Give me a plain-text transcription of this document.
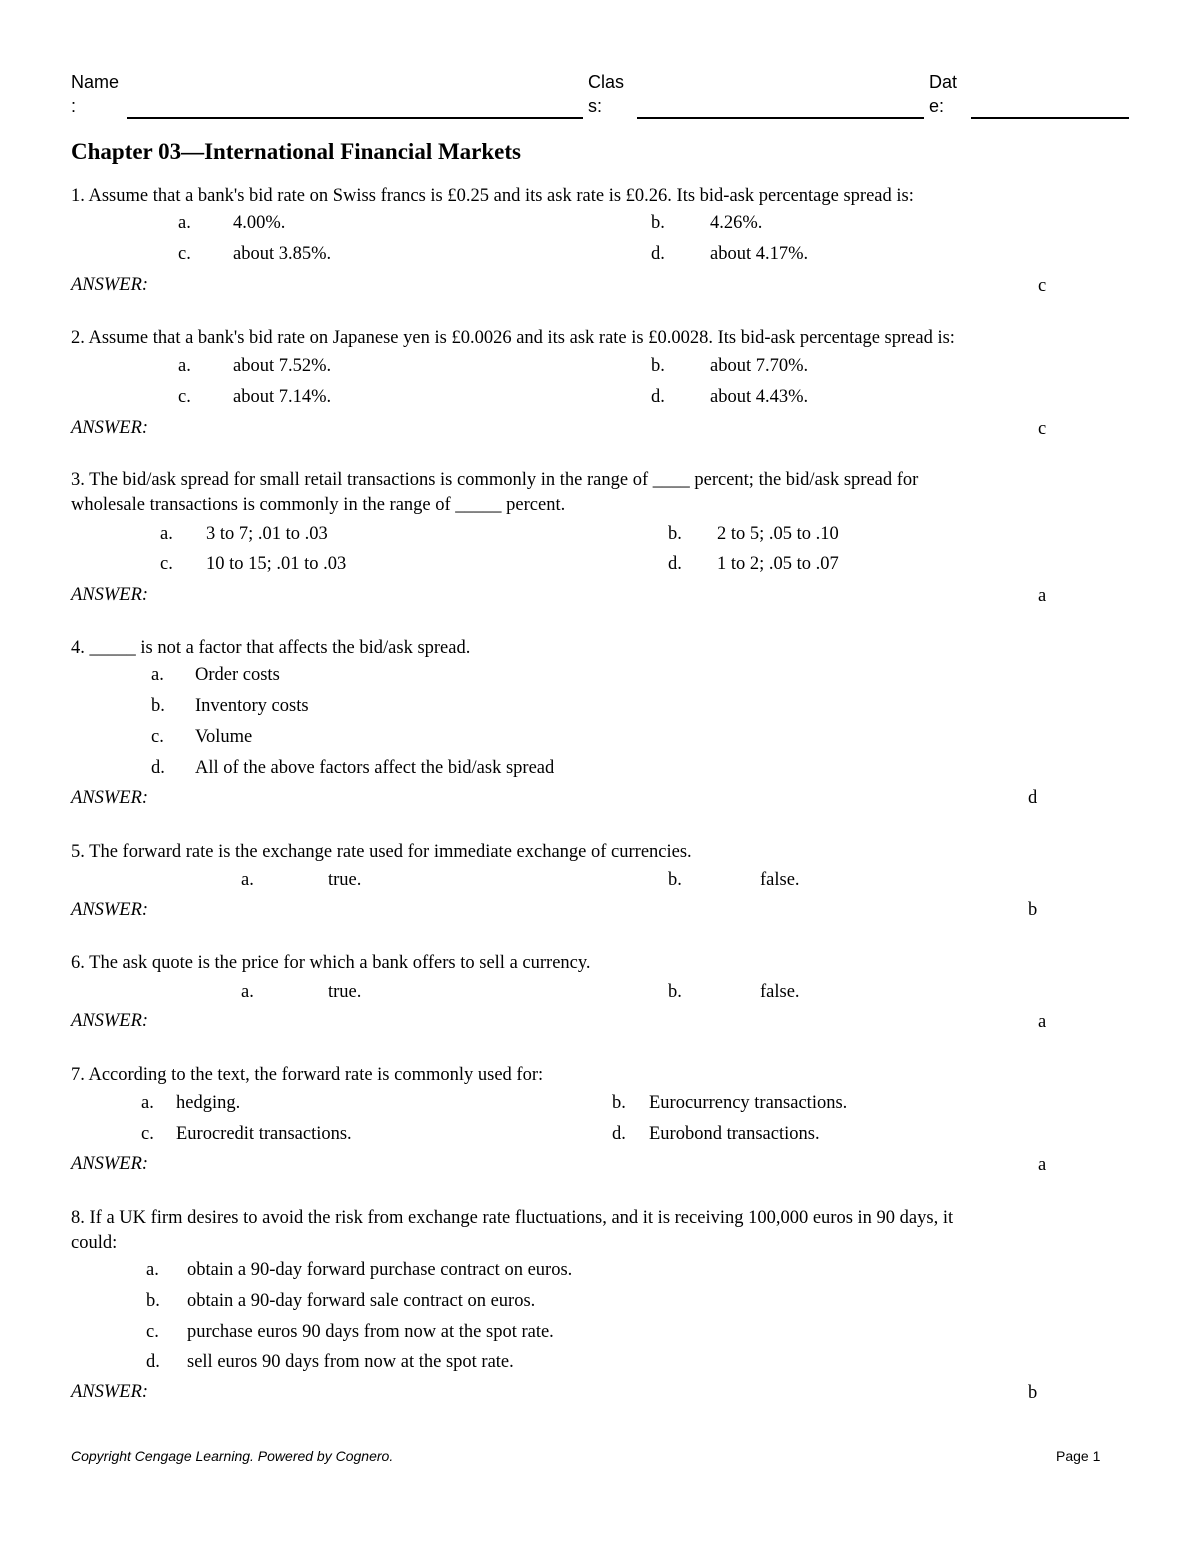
Name
:
Clas
s:
Dat
e:
Chapter 03—International Financial Markets
1. Assume that a bank's bid rate on Swiss francs is £0.25 and its ask rate is £0.26. Its bid-ask percentage spread is:
a. 4.00%.	b. 4.26%.
c. about 3.85%.	d. about 4.17%.
ANSWER:	c
2. Assume that a bank's bid rate on Japanese yen is £0.0026 and its ask rate is £0.0028. Its bid-ask percentage spread is:
a. about 7.52%.	b. about 7.70%.
c. about 7.14%.	d. about 4.43%.
ANSWER:	c
3. The bid/ask spread for small retail transactions is commonly in the range of ____ percent; the bid/ask spread for
wholesale transactions is commonly in the range of _____ percent.
a. 3 to 7; .01 to .03	b. 2 to 5; .05 to .10
c. 10 to 15; .01 to .03	d. 1 to 2; .05 to .07
ANSWER:	a
4. _____ is not a factor that affects the bid/ask spread.
a. Order costs
b. Inventory costs
c. Volume
d. All of the above factors affect the bid/ask spread
ANSWER:	d
5. The forward rate is the exchange rate used for immediate exchange of currencies.
a.	true.	b.	false.
ANSWER:	b
6. The ask quote is the price for which a bank offers to sell a currency.
a.	true.	b.	false.
ANSWER:	a
7. According to the text, the forward rate is commonly used for:
a. hedging.	b. Eurocurrency transactions.
c. Eurocredit transactions.	d. Eurobond transactions.
ANSWER:	a
8. If a UK firm desires to avoid the risk from exchange rate fluctuations, and it is receiving 100,000 euros in 90 days, it
could:
a. obtain a 90-day forward purchase contract on euros.
b. obtain a 90-day forward sale contract on euros.
c. purchase euros 90 days from now at the spot rate.
d. sell euros 90 days from now at the spot rate.
ANSWER:	b
Copyright Cengage Learning. Powered by Cognero.	Page 1
